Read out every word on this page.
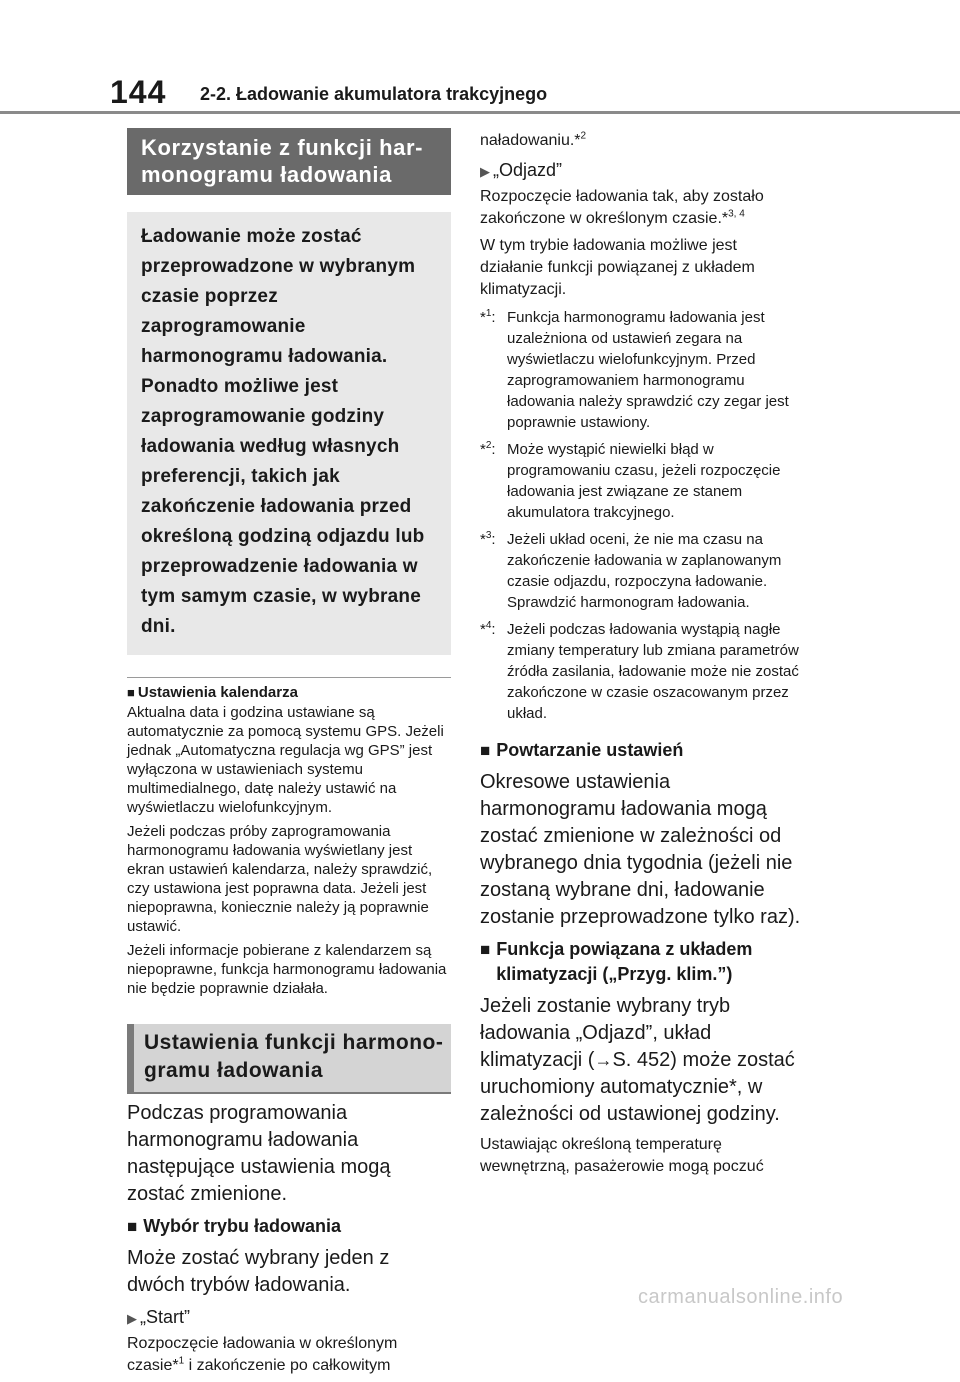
144 2-2. Ładowanie akumulatora trakcyjnego
Korzystanie z funkcji har-
monogramu ładowania
Ładowanie może zostać przeprowadzone w wybranym czasie poprzez zaprogramowanie harmonogramu ładowania. Ponadto możliwe jest zaprogramowanie godziny ładowania według własnych preferencji, takich jak zakończenie ładowania przed określoną godziną odjazdu lub przeprowadzenie ładowania w tym samym czasie, w wybrane dni.
■ Ustawienia kalendarza

Aktualna data i godzina ustawiane są automatycznie za pomocą systemu GPS. Jeżeli jednak „Automatyczna regulacja wg GPS” jest wyłączona w ustawieniach systemu multimedialnego, datę należy ustawić na wyświetlaczu wielofunkcyjnym.

Jeżeli podczas próby zaprogramowania harmonogramu ładowania wyświetlany jest ekran ustawień kalendarza, należy sprawdzić, czy ustawiona jest poprawna data. Jeżeli jest niepoprawna, koniecznie należy ją poprawnie ustawić.

Jeżeli informacje pobierane z kalendarzem są niepoprawne, funkcja harmonogramu ładowania nie będzie poprawnie działała.

Ustawienia funkcji harmono-
gramu ładowania

Podczas programowania harmonogramu ładowania następujące ustawienia mogą zostać zmienione.

■ Wybór trybu ładowania

Może zostać wybrany jeden z dwóch trybów ładowania.

▶ „Start”

Rozpoczęcie ładowania w określonym czasie*$^1$ i zakończenie po całkowitym

naładowaniu.*$^2$

▶ „Odjazd”

Rozpoczęcie ładowania tak, aby zostało zakończone w określonym czasie.*$^{3, 4}$

W tym trybie ładowania możliwe jest działanie funkcji powiązanej z układem klimatyzacji.

*$^1$: Funkcja harmonogramu ładowania jest uzależniona od ustawień zegara na wyświetlaczu wielofunkcyjnym. Przed zaprogramowaniem harmonogramu ładowania należy sprawdzić czy zegar jest poprawnie ustawiony.
*$^2$: Może wystąpić niewielki błąd w programowaniu czasu, jeżeli rozpoczęcie ładowania jest związane ze stanem akumulatora trakcyjnego.
*$^3$: Jeżeli układ oceni, że nie ma czasu na zakończenie ładowania w zaplanowanym czasie odjazdu, rozpoczyna ładowanie. Sprawdzić harmonogram ładowania.
*$^4$: Jeżeli podczas ładowania wystąpią nagłe zmiany temperatury lub zmiana parametrów źródła zasilania, ładowanie może nie zostać zakończone w czasie oszacowanym przez układ.
■ Powtarzanie ustawień

Okresowe ustawienia harmonogramu ładowania mogą zostać zmienione w zależności od wybranego dnia tygodnia (jeżeli nie zostaną wybrane dni, ładowanie zostanie przeprowadzone tylko raz).

■ Funkcja powiązana z układem klimatyzacji („Przyg. klim.”)

Jeżeli zostanie wybrany tryb ładowania „Odjazd”, układ klimatyzacji (→S. 452) może zostać uruchomiony automatycznie*, w zależności od ustawionej godziny.

Ustawiając określoną temperaturę wewnętrzną, pasażerowie mogą poczuć

carmanualsonline.info
